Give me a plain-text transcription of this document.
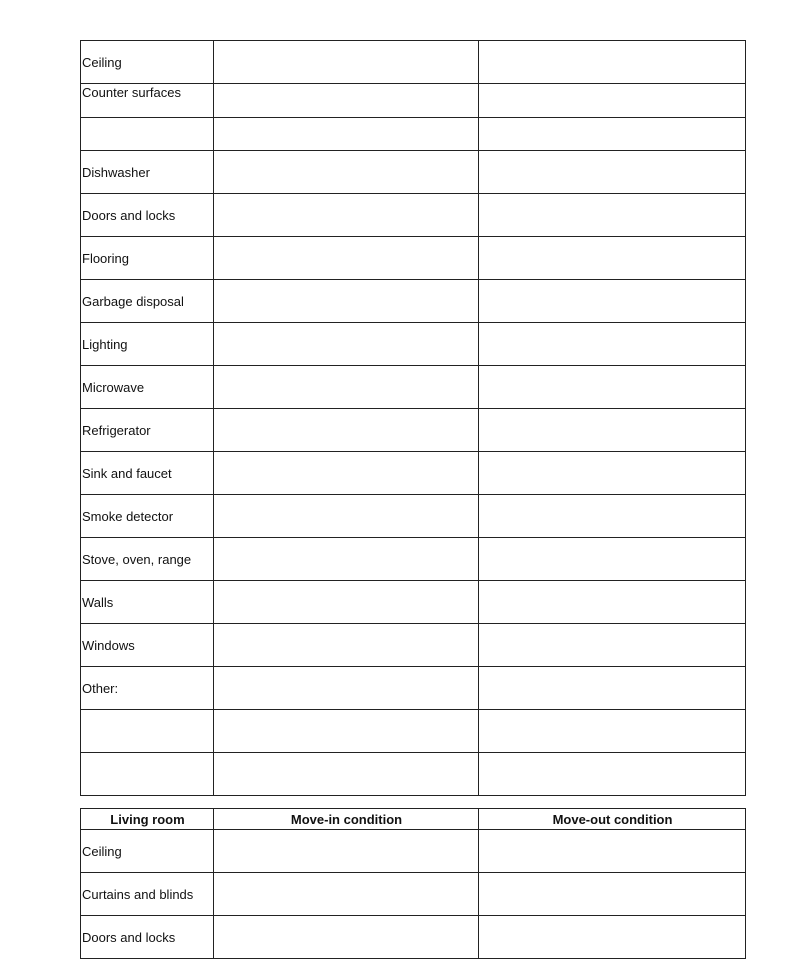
Ceiling		
Counter surfaces		

Dishwasher		
Doors and locks		
Flooring		
Garbage disposal		
Lighting		
Microwave		
Refrigerator		
Sink and faucet		
Smoke detector		
Stove, oven, range		
Walls		
Windows		
Other:		

Living room	Move-in condition	Move-out condition
Ceiling		
Curtains and blinds		
Doors and locks		
